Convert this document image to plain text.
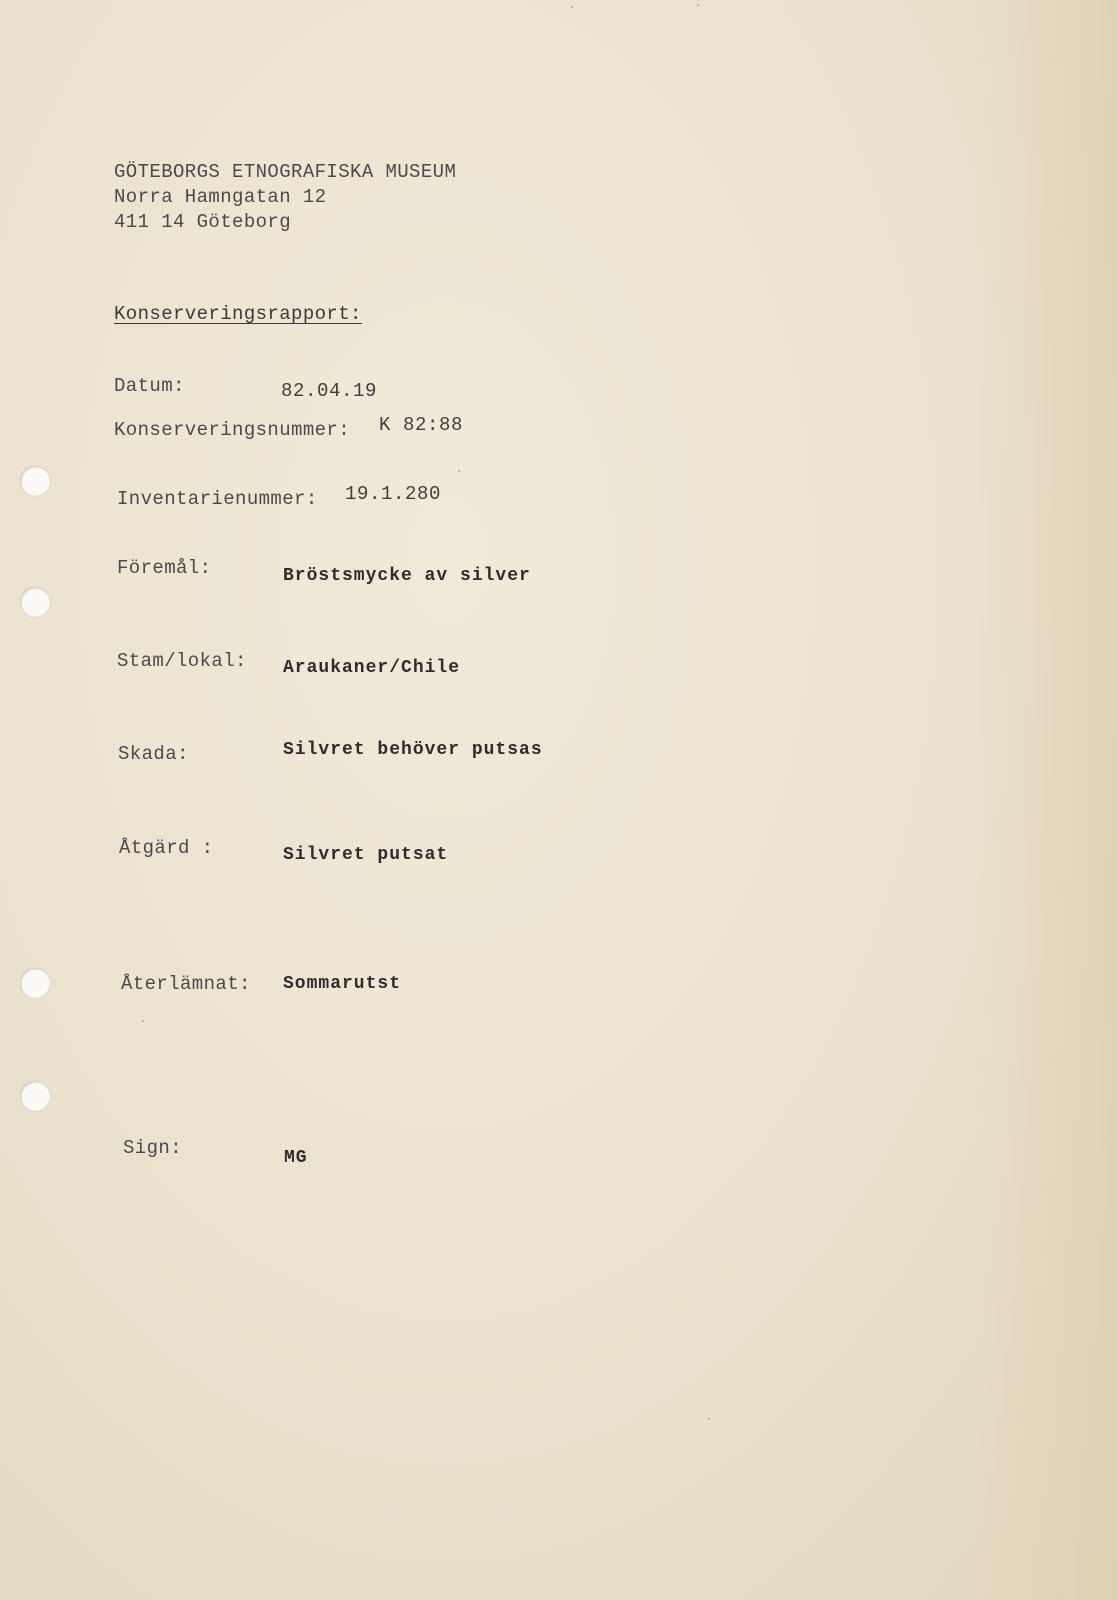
GÖTEBORGS ETNOGRAFISKA MUSEUM
Norra Hamngatan 12
411 14 Göteborg
Konserveringsrapport:
Datum:	82.04.19
Konserveringsnummer: K 82:88
Inventarienummer: 19.1.280
Föremål:	Bröstsmycke av silver
Stam/lokal: Araukaner/Chile
Skada:	Silvret behöver putsas
Åtgärd :	Silvret putsat
Återlämnat: Sommarutst
Sign:	MG
